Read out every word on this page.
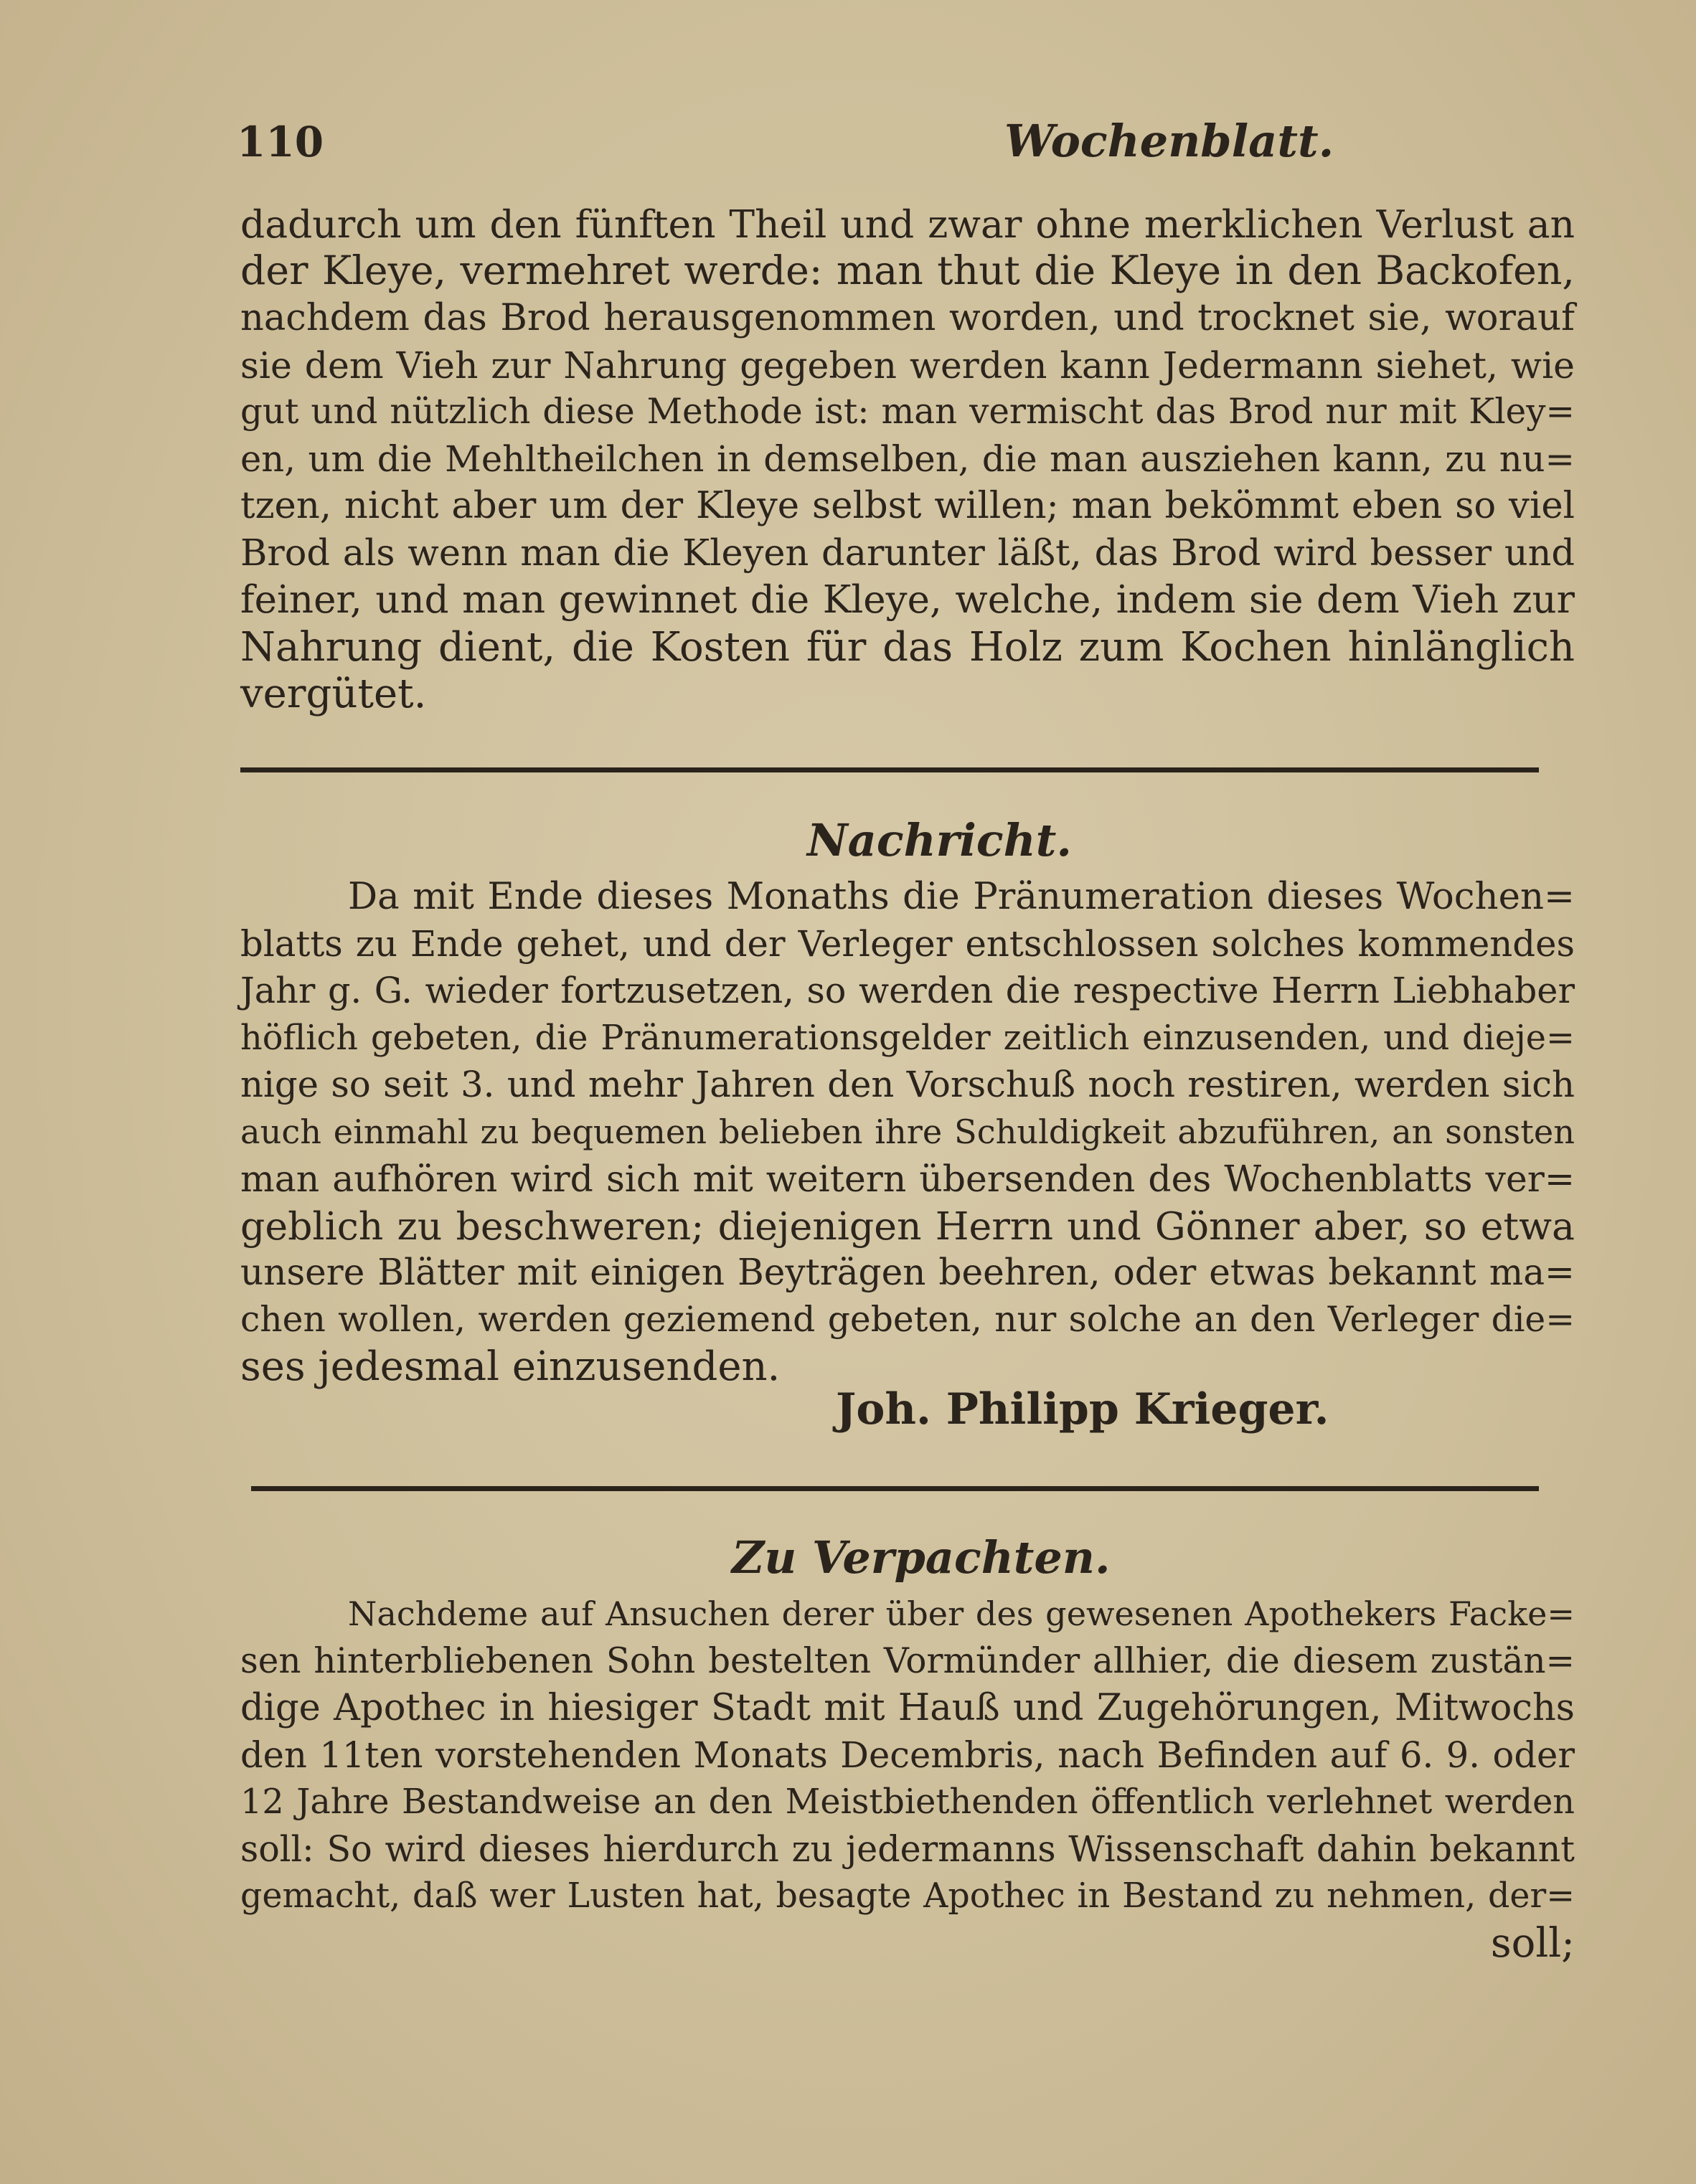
110	Wochenblatt.
dadurch um den fünften Theil und zwar ohne merklichen Verlust an
der Kleye, vermehret werde: man thut die Kleye in den Backofen,
nachdem das Brod herausgenommen worden, und trocknet sie, worauf
sie dem Vieh zur Nahrung gegeben werden kann Jedermann siehet, wie
gut und nützlich diese Methode ist: man vermischt das Brod nur mit Kley=
en, um die Mehltheilchen in demselben, die man ausziehen kann, zu nu=
tzen, nicht aber um der Kleye selbst willen; man bekömmt eben so viel
Brod als wenn man die Kleyen darunter läßt, das Brod wird besser und
feiner, und man gewinnet die Kleye, welche, indem sie dem Vieh zur
Nahrung dient, die Kosten für das Holz zum Kochen hinlänglich
vergütet.
Nachricht.
Da mit Ende dieses Monaths die Pränumeration dieses Wochen=
blatts zu Ende gehet, und der Verleger entschlossen solches kommendes
Jahr g. G. wieder fortzusetzen, so werden die respective Herrn Liebhaber
höflich gebeten, die Pränumerationsgelder zeitlich einzusenden, und dieje=
nige so seit 3. und mehr Jahren den Vorschuß noch restiren, werden sich
auch einmahl zu bequemen belieben ihre Schuldigkeit abzuführen, an sonsten
man aufhören wird sich mit weitern übersenden des Wochenblatts ver=
geblich zu beschweren; diejenigen Herrn und Gönner aber, so etwa
unsere Blätter mit einigen Beyträgen beehren, oder etwas bekannt ma=
chen wollen, werden geziemend gebeten, nur solche an den Verleger die=
ses jedesmal einzusenden.
Joh. Philipp Krieger.
Zu Verpachten.
Nachdeme auf Ansuchen derer über des gewesenen Apothekers Facke=
sen hinterbliebenen Sohn bestelten Vormünder allhier, die diesem zustän=
dige Apothec in hiesiger Stadt mit Hauß und Zugehörungen, Mitwochs
den 11ten vorstehenden Monats Decembris, nach Befinden auf 6. 9. oder
12 Jahre Bestandweise an den Meistbiethenden öffentlich verlehnet werden
soll: So wird dieses hierdurch zu jedermanns Wissenschaft dahin bekannt
gemacht, daß wer Lusten hat, besagte Apothec in Bestand zu nehmen, der=
soll;
